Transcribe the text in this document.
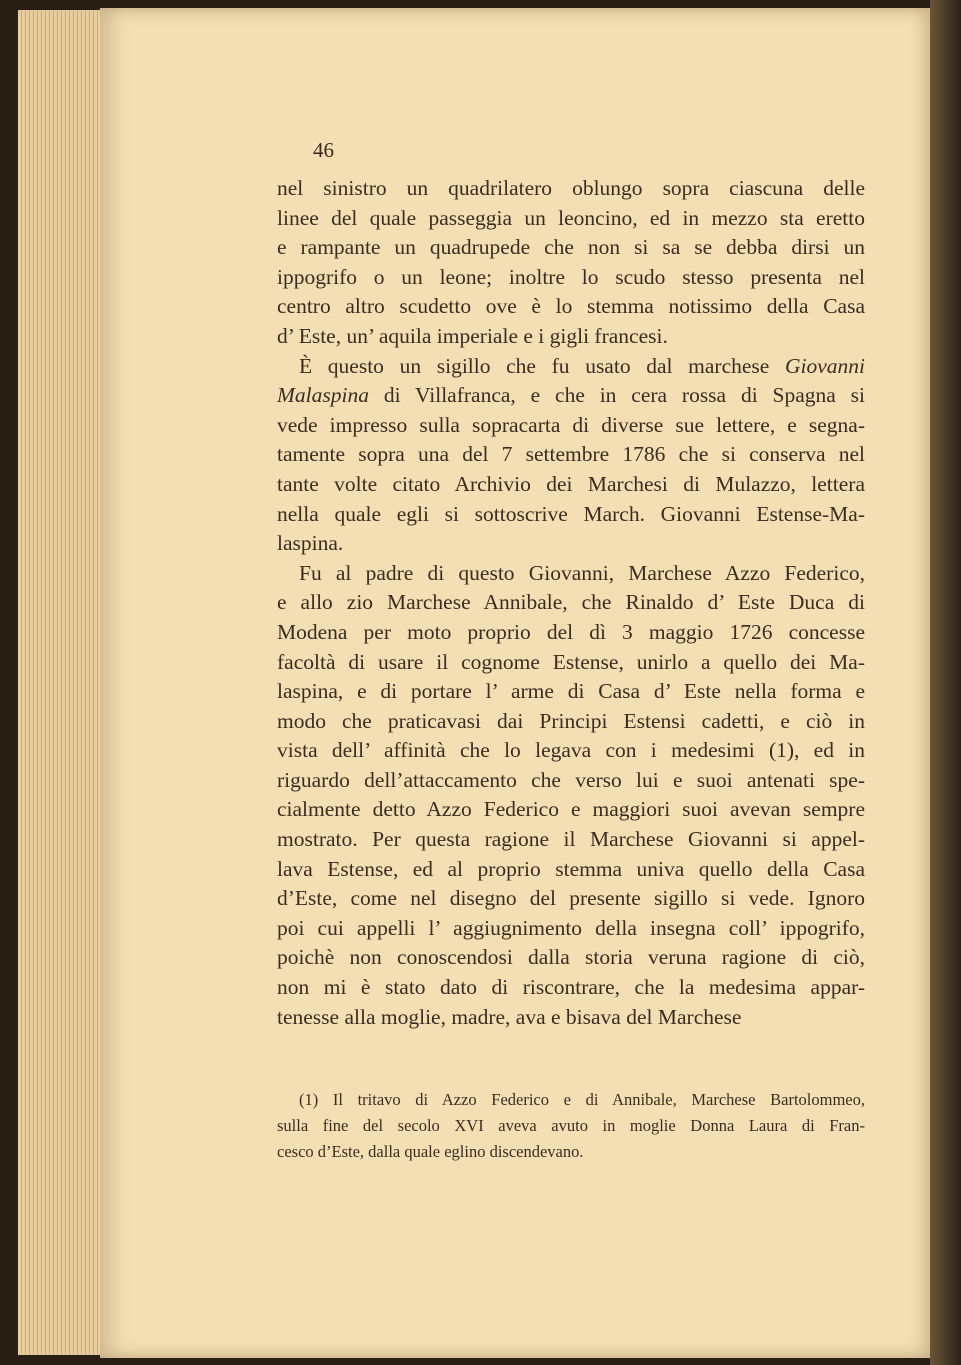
46
nel sinistro un quadrilatero oblungo sopra ciascuna delle
linee del quale passeggia un leoncino, ed in mezzo sta eretto
e rampante un quadrupede che non si sa se debba dirsi un
ippogrifo o un leone; inoltre lo scudo stesso presenta nel
centro altro scudetto ove è lo stemma notissimo della Casa
d’ Este, un’ aquila imperiale e i gigli francesi.
È questo un sigillo che fu usato dal marchese Giovanni
Malaspina di Villafranca, e che in cera rossa di Spagna si
vede impresso sulla sopracarta di diverse sue lettere, e segna-
tamente sopra una del 7 settembre 1786 che si conserva nel
tante volte citato Archivio dei Marchesi di Mulazzo, lettera
nella quale egli si sottoscrive March. Giovanni Estense-Ma-
laspina.
Fu al padre di questo Giovanni, Marchese Azzo Federico,
e allo zio Marchese Annibale, che Rinaldo d’ Este Duca di
Modena per moto proprio del dì 3 maggio 1726 concesse
facoltà di usare il cognome Estense, unirlo a quello dei Ma-
laspina, e di portare l’ arme di Casa d’ Este nella forma e
modo che praticavasi dai Principi Estensi cadetti, e ciò in
vista dell’ affinità che lo legava con i medesimi (1), ed in
riguardo dell’attaccamento che verso lui e suoi antenati spe-
cialmente detto Azzo Federico e maggiori suoi avevan sempre
mostrato. Per questa ragione il Marchese Giovanni si appel-
lava Estense, ed al proprio stemma univa quello della Casa
d’Este, come nel disegno del presente sigillo si vede. Ignoro
poi cui appelli l’ aggiugnimento della insegna coll’ ippogrifo,
poichè non conoscendosi dalla storia veruna ragione di ciò,
non mi è stato dato di riscontrare, che la medesima appar-
tenesse alla moglie, madre, ava e bisava del Marchese
(1) Il tritavo di Azzo Federico e di Annibale, Marchese Bartolommeo,
sulla fine del secolo XVI aveva avuto in moglie Donna Laura di Fran-
cesco d’Este, dalla quale eglino discendevano.
